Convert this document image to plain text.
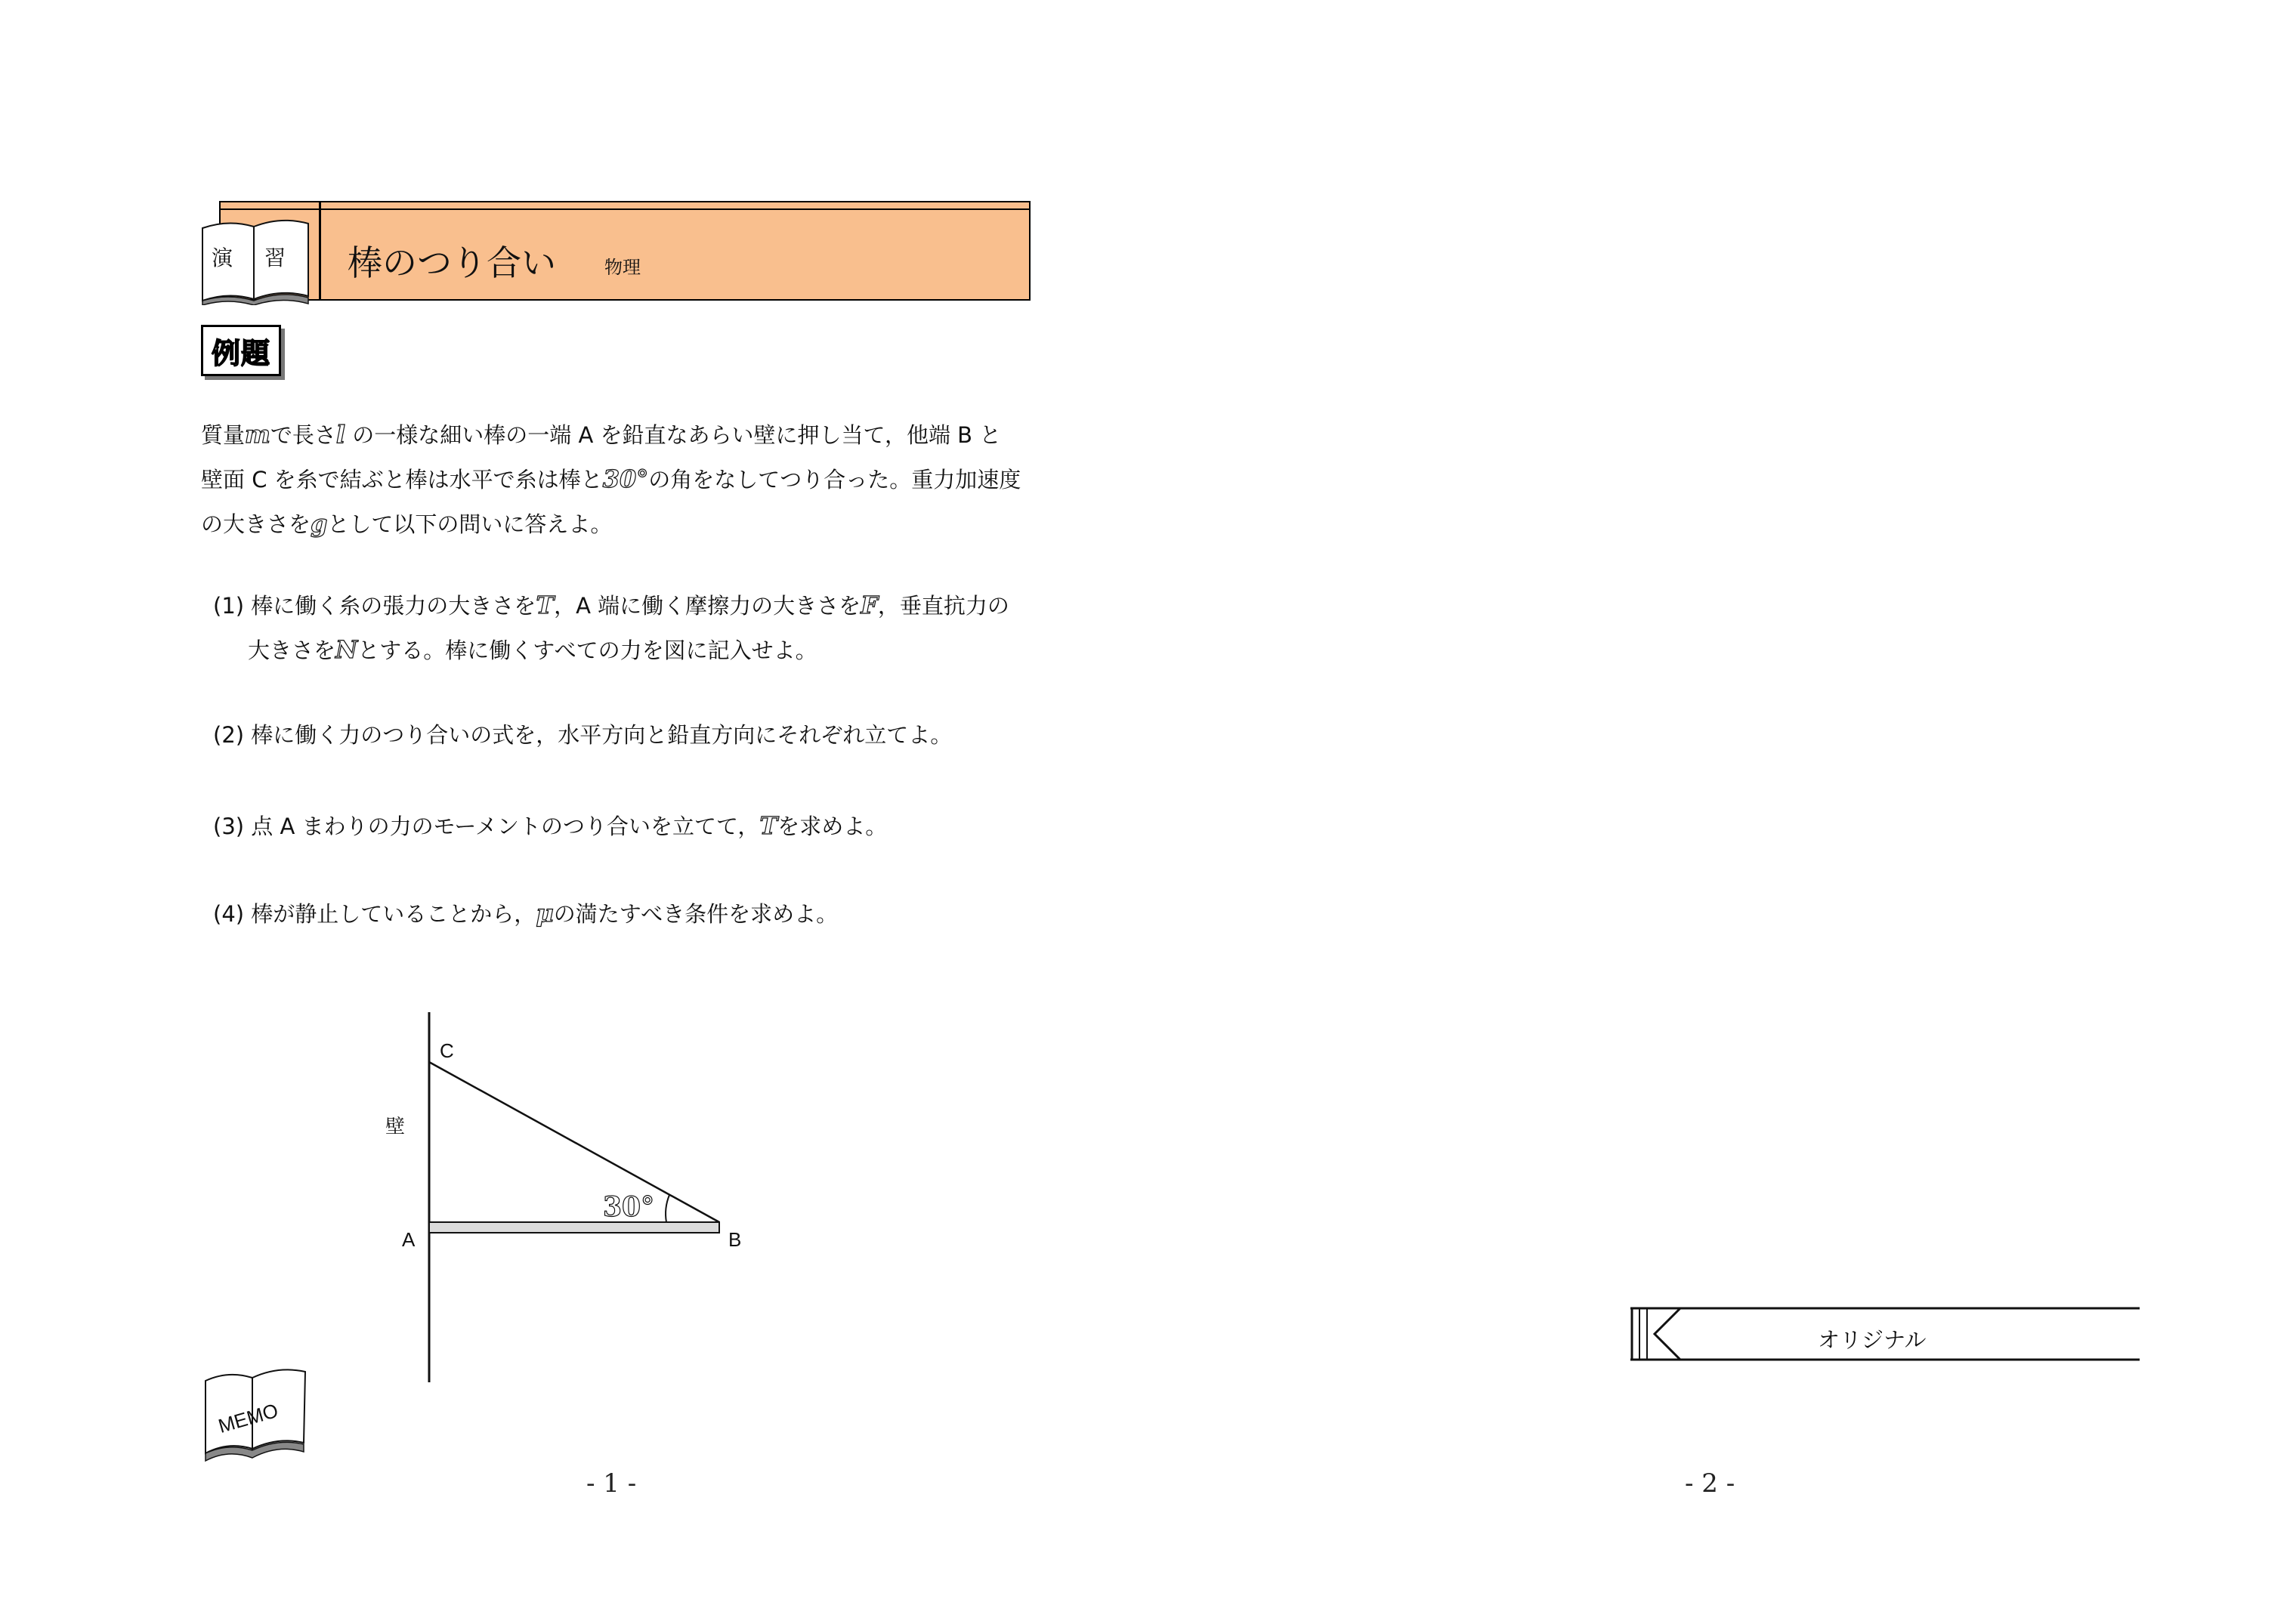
棒のつり合い	物理
演 習
例題
質量mで長さl の一様な細い棒の一端 A を鉛直なあらい壁に押し当て，他端 B と
壁面 C を糸で結ぶと棒は水平で糸は棒と30°の角をなしてつり合った。重力加速度
の大きさをgとして以下の問いに答えよ。
(1) 棒に働く糸の張力の大きさをT，A 端に働く摩擦力の大きさをF，垂直抗力の
大きさをNとする。棒に働くすべての力を図に記入せよ。
(2) 棒に働く力のつり合いの式を，水平方向と鉛直方向にそれぞれ立てよ。
(3) 点 A まわりの力のモーメントのつり合いを立てて，Tを求めよ。
(4) 棒が静止していることから，μの満たすべき条件を求めよ。
C
壁
30°
A	B
MEMO
- 1 -	- 2 -
オリジナル
